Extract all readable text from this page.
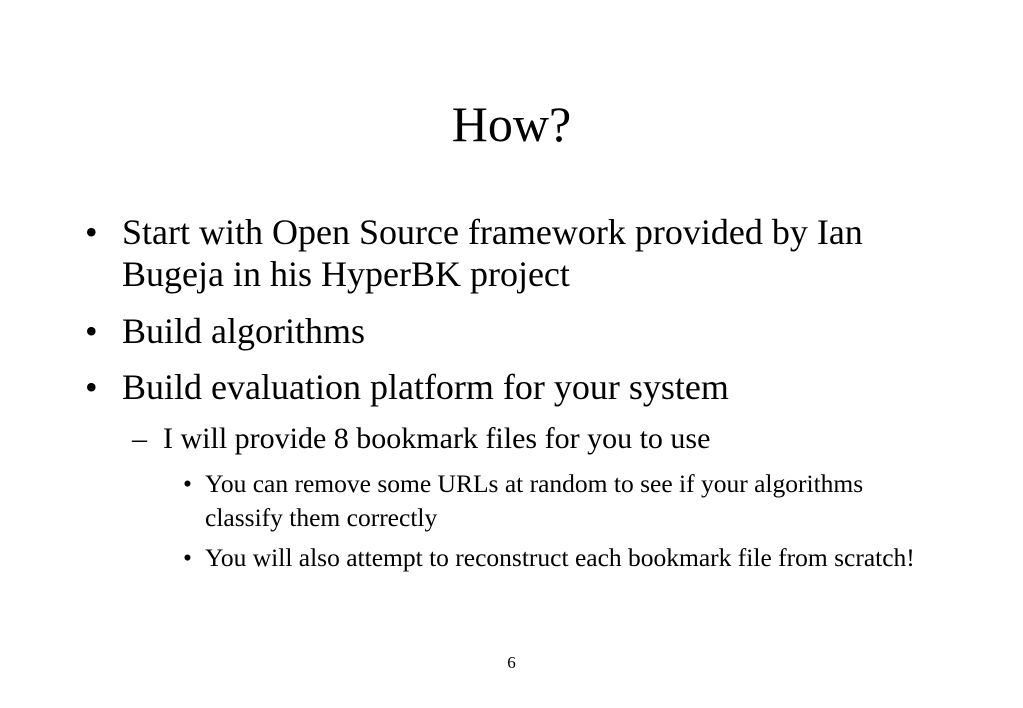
How?
• Start with Open Source framework provided by Ian Bugeja in his HyperBK project
• Build algorithms
• Build evaluation platform for your system
– I will provide 8 bookmark files for you to use
• You can remove some URLs at random to see if your algorithms classify them correctly
• You will also attempt to reconstruct each bookmark file from scratch!
6
